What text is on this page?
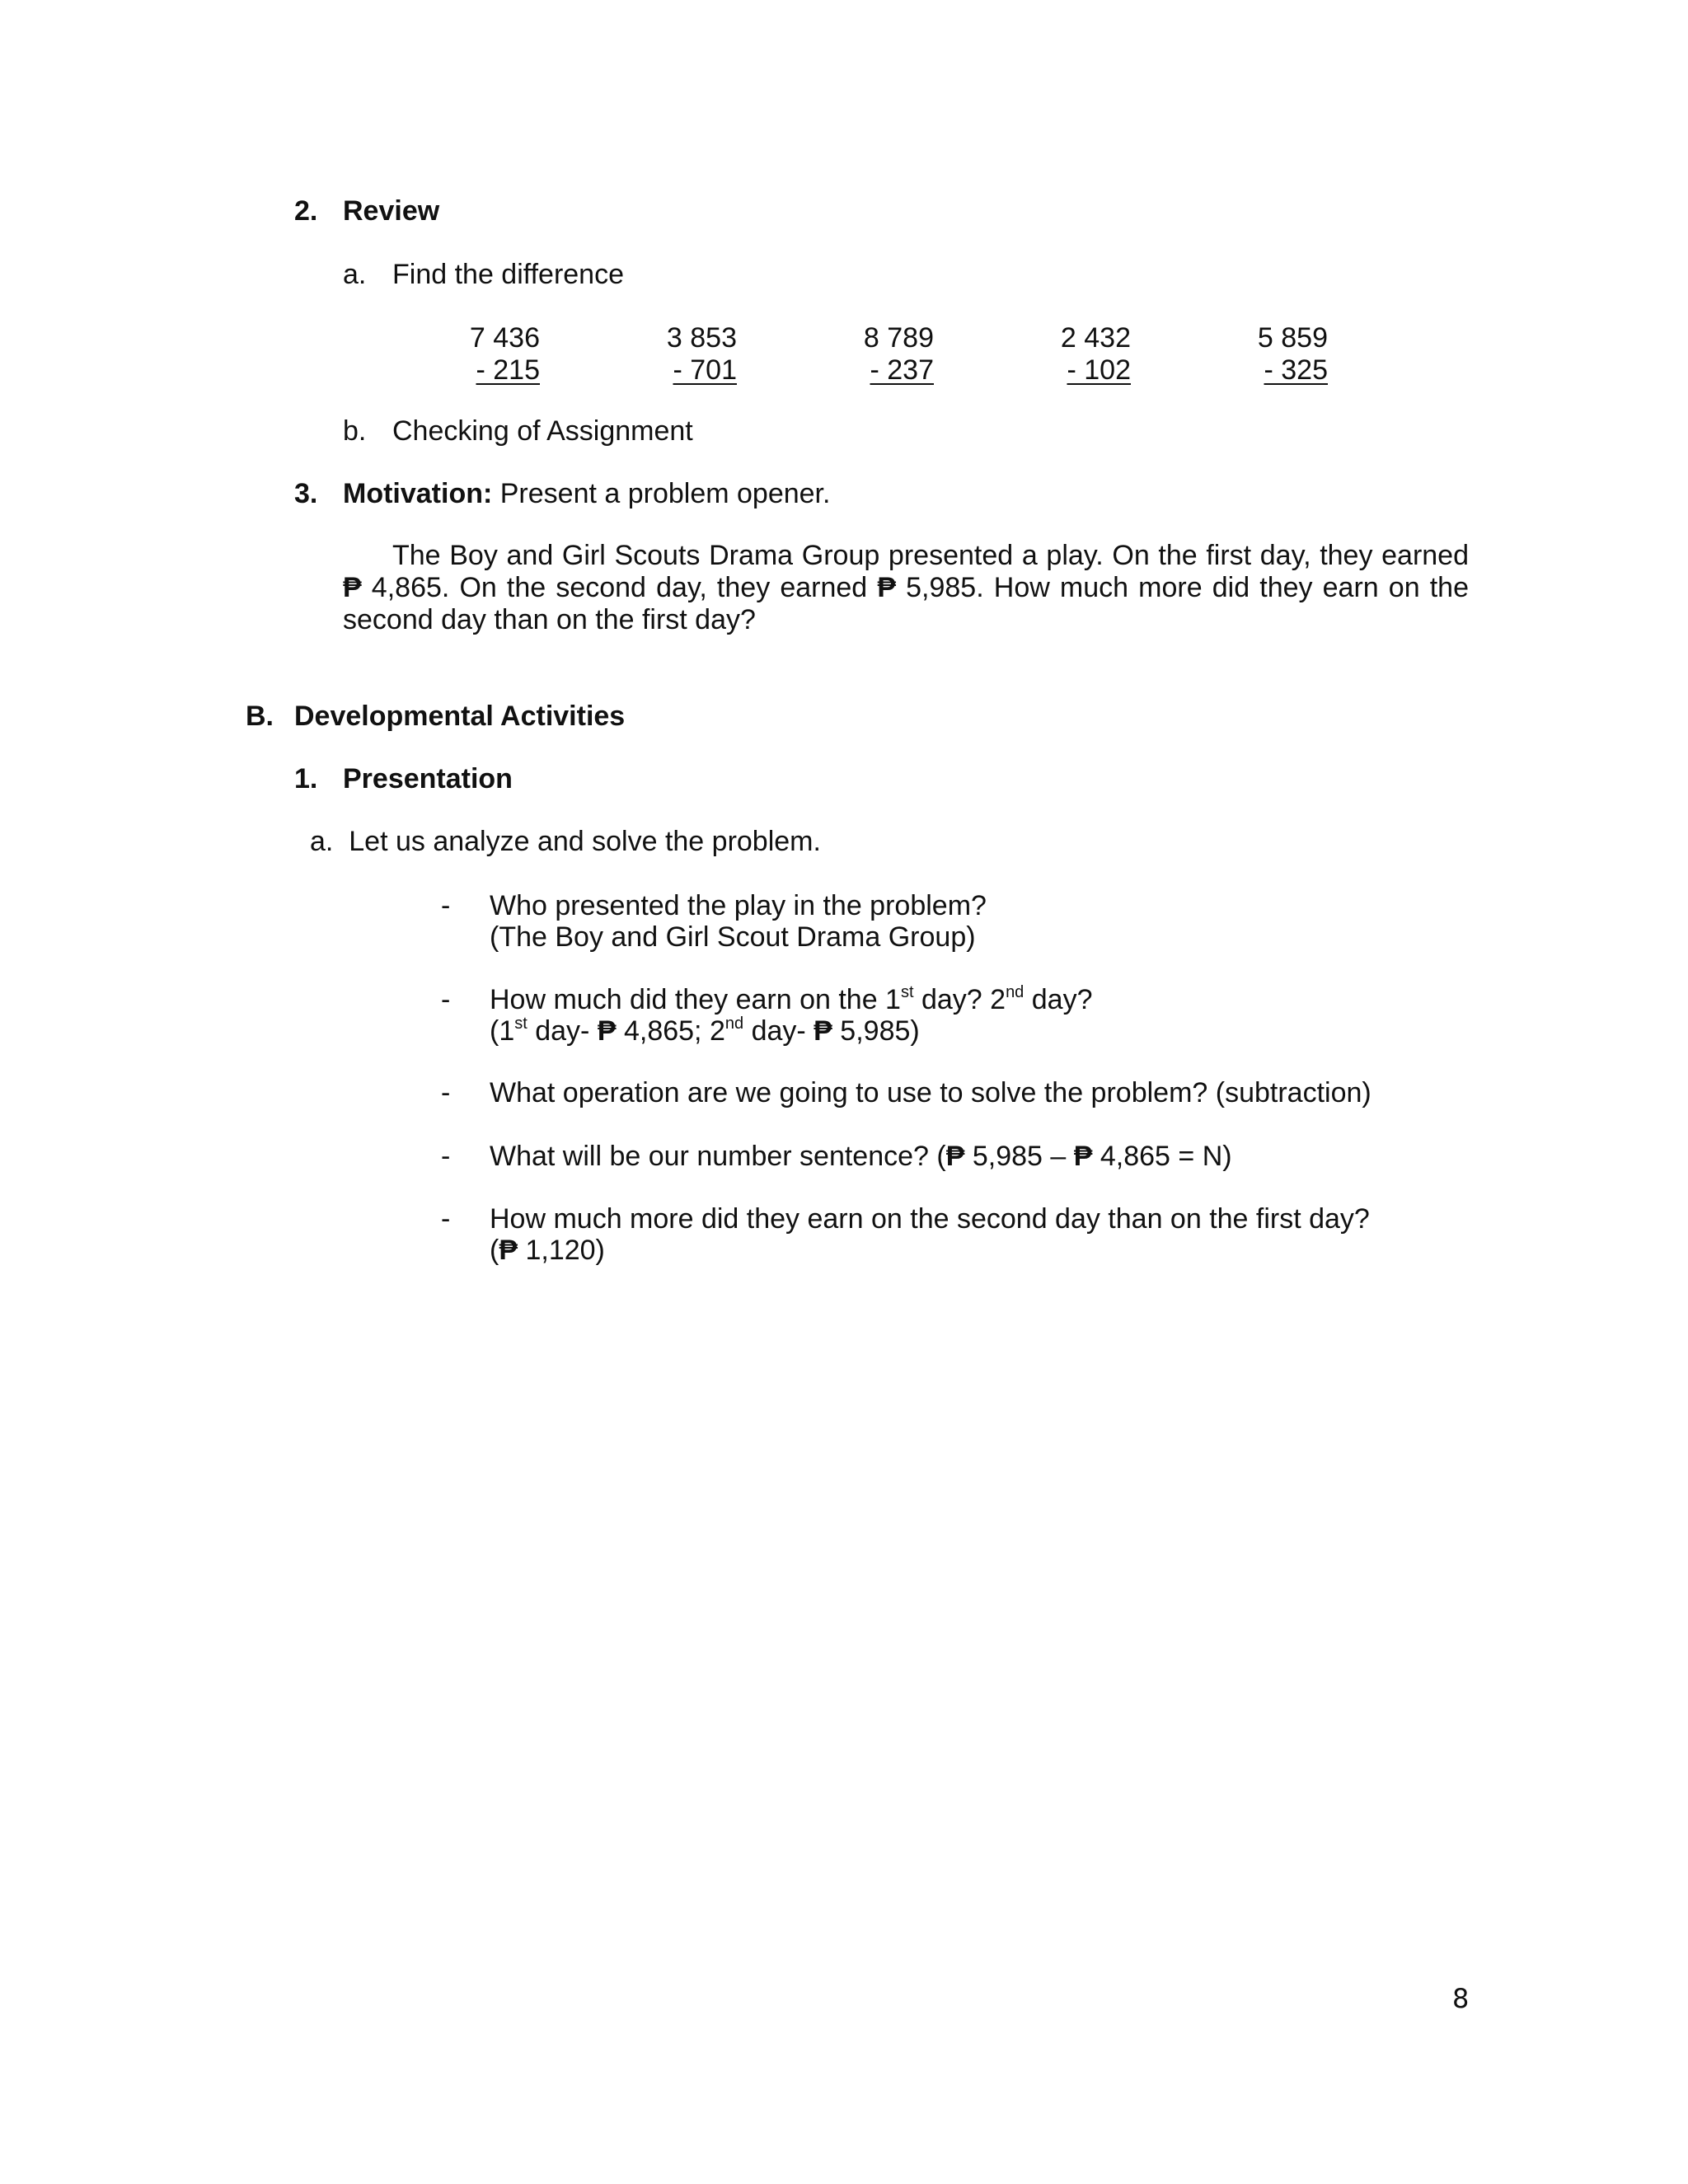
2. Review
a. Find the difference
7 436
- 215
3 853
- 701
8 789
- 237
2 432
- 102
5 859
- 325
b. Checking of Assignment
3. Motivation: Present a problem opener.
The Boy and Girl Scouts Drama Group presented a play. On the first day, they earned ₱ 4,865. On the second day, they earned ₱ 5,985. How much more did they earn on the second day than on the first day?
B. Developmental Activities
1. Presentation
a.  Let us analyze and solve the problem.
- Who presented the play in the problem?
(The Boy and Girl Scout Drama Group)
- How much did they earn on the 1st day? 2nd day?
(1st day- ₱ 4,865; 2nd day- ₱ 5,985)
- What operation are we going to use to solve the problem? (subtraction)
- What will be our number sentence? (₱ 5,985 – ₱ 4,865 = N)
- How much more did they earn on the second day than on the first day?
(₱ 1,120)
8
